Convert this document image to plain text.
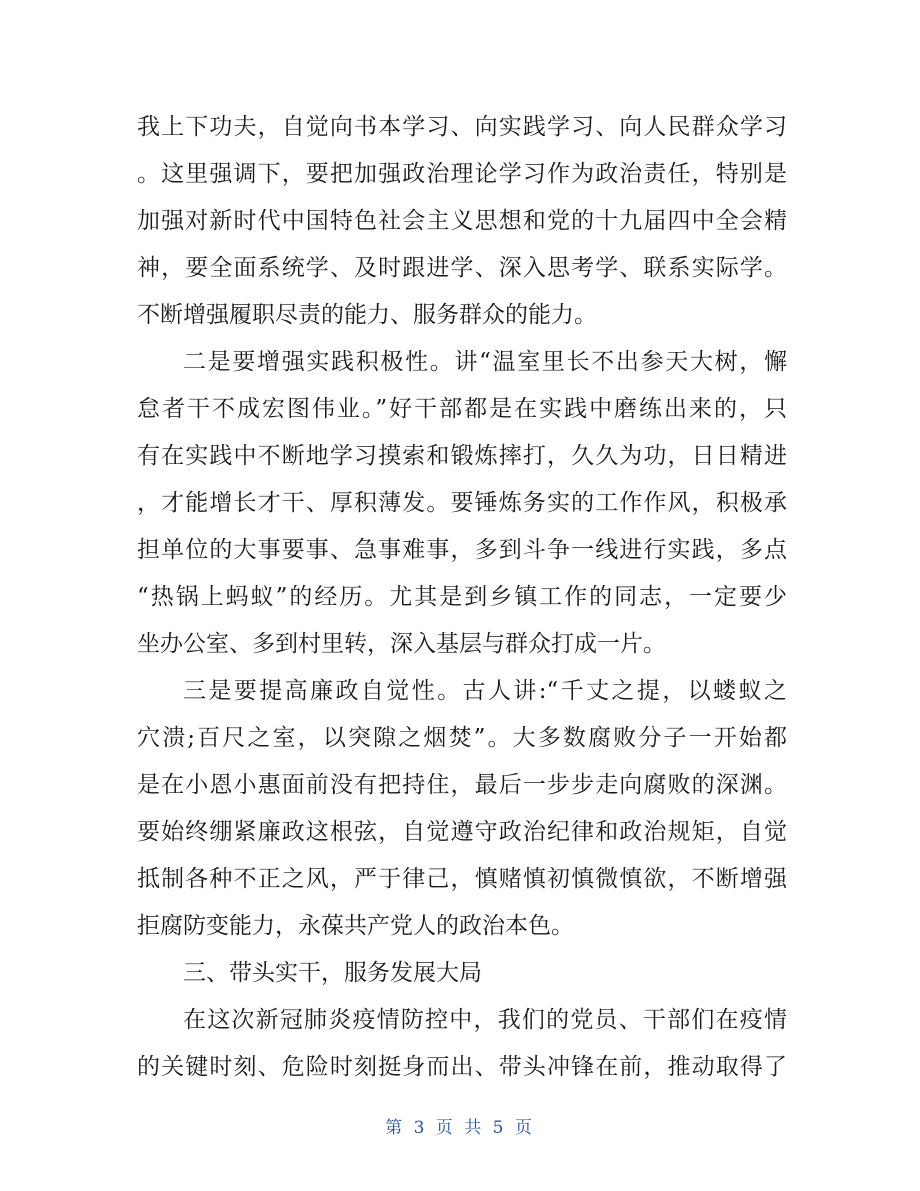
我上下功夫，自觉向书本学习、向实践学习、向人民群众学习
。这里强调下，要把加强政治理论学习作为政治责任，特别是
加强对新时代中国特色社会主义思想和党的十九届四中全会精
神，要全面系统学、及时跟进学、深入思考学、联系实际学。
不断增强履职尽责的能力、服务群众的能力。
二是要增强实践积极性。讲“温室里长不出参天大树，懈
怠者干不成宏图伟业。”好干部都是在实践中磨练出来的，只
有在实践中不断地学习摸索和锻炼摔打，久久为功，日日精进
，才能增长才干、厚积薄发。要锤炼务实的工作作风，积极承
担单位的大事要事、急事难事，多到斗争一线进行实践，多点
“热锅上蚂蚁”的经历。尤其是到乡镇工作的同志，一定要少
坐办公室、多到村里转，深入基层与群众打成一片。
三是要提高廉政自觉性。古人讲:“千丈之提，以蝼蚁之
穴溃;百尺之室，以突隙之烟焚”。大多数腐败分子一开始都
是在小恩小惠面前没有把持住，最后一步步走向腐败的深渊。
要始终绷紧廉政这根弦，自觉遵守政治纪律和政治规矩，自觉
抵制各种不正之风，严于律己，慎赌慎初慎微慎欲，不断增强
拒腐防变能力，永葆共产党人的政治本色。
三、带头实干，服务发展大局
在这次新冠肺炎疫情防控中，我们的党员、干部们在疫情
的关键时刻、危险时刻挺身而出、带头冲锋在前，推动取得了
第 3 页 共 5 页
